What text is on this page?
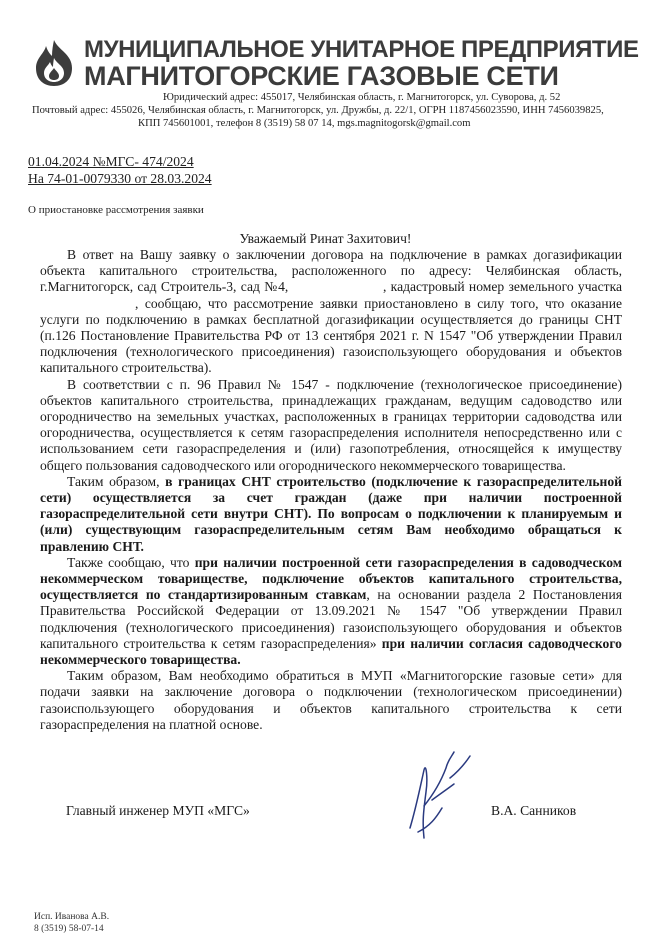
МУНИЦИПАЛЬНОЕ УНИТАРНОЕ ПРЕДПРИЯТИЕ
МАГНИТОГОРСКИЕ ГАЗОВЫЕ СЕТИ
Юридический адрес: 455017, Челябинская область, г. Магнитогорск, ул. Суворова, д. 52
Почтовый адрес: 455026, Челябинская область, г. Магнитогорск, ул. Дружбы, д. 22/1, ОГРН 1187456023590, ИНН 7456039825,
КПП 745601001, телефон 8 (3519) 58 07 14, mgs.magnitogorsk@gmail.com
01.04.2024 №МГС- 474/2024
На 74-01-0079330 от 28.03.2024
О приостановке рассмотрения заявки
Уважаемый Ринат Захитович!

В ответ на Вашу заявку о заключении договора на подключение в рамках догазификации объекта капитального строительства, расположенного по адресу: Челябинская область, г.Магнитогорск, сад Строитель-3, сад №4,	, кадастровый номер земельного участка , сообщаю, что рассмотрение заявки приостановлено в силу того, что оказание услуги по подключению в рамках бесплатной догазификации осуществляется до границы СНТ (п.126 Постановление Правительства РФ от 13 сентября 2021 г. N 1547 "Об утверждении Правил подключения (технологического присоединения) газоиспользующего оборудования и объектов капитального строительства).

В соответствии с п. 96 Правил № 1547 - подключение (технологическое присоединение) объектов капитального строительства, принадлежащих гражданам, ведущим садоводство или огородничество на земельных участках, расположенных в границах территории садоводства или огородничества, осуществляется к сетям газораспределения исполнителя непосредственно или с использованием сети газораспределения и (или) газопотребления, относящейся к имуществу общего пользования садоводческого или огороднического некоммерческого товарищества.

Таким образом, в границах СНТ строительство (подключение к газораспределительной сети) осуществляется за счет граждан (даже при наличии построенной газораспределительной сети внутри СНТ). По вопросам о подключении к планируемым и (или) существующим газораспределительным сетям Вам необходимо обращаться к правлению СНТ.

Также сообщаю, что при наличии построенной сети газораспределения в садоводческом некоммерческом товариществе, подключение объектов капитального строительства, осуществляется по стандартизированным ставкам, на основании раздела 2 Постановления Правительства Российской Федерации от 13.09.2021 № 1547 "Об утверждении Правил подключения (технологического присоединения) газоиспользующего оборудования и объектов капитального строительства к сетям газораспределения» при наличии согласия садоводческого некоммерческого товарищества.

Таким образом, Вам необходимо обратиться в МУП «Магнитогорские газовые сети» для подачи заявки на заключение договора о подключении (технологическом присоединении) газоиспользующего оборудования и объектов капитального строительства к сети газораспределения на платной основе.

Главный инженер МУП «МГС»	В.А. Санников
Исп. Иванова А.В.
8 (3519) 58-07-14
